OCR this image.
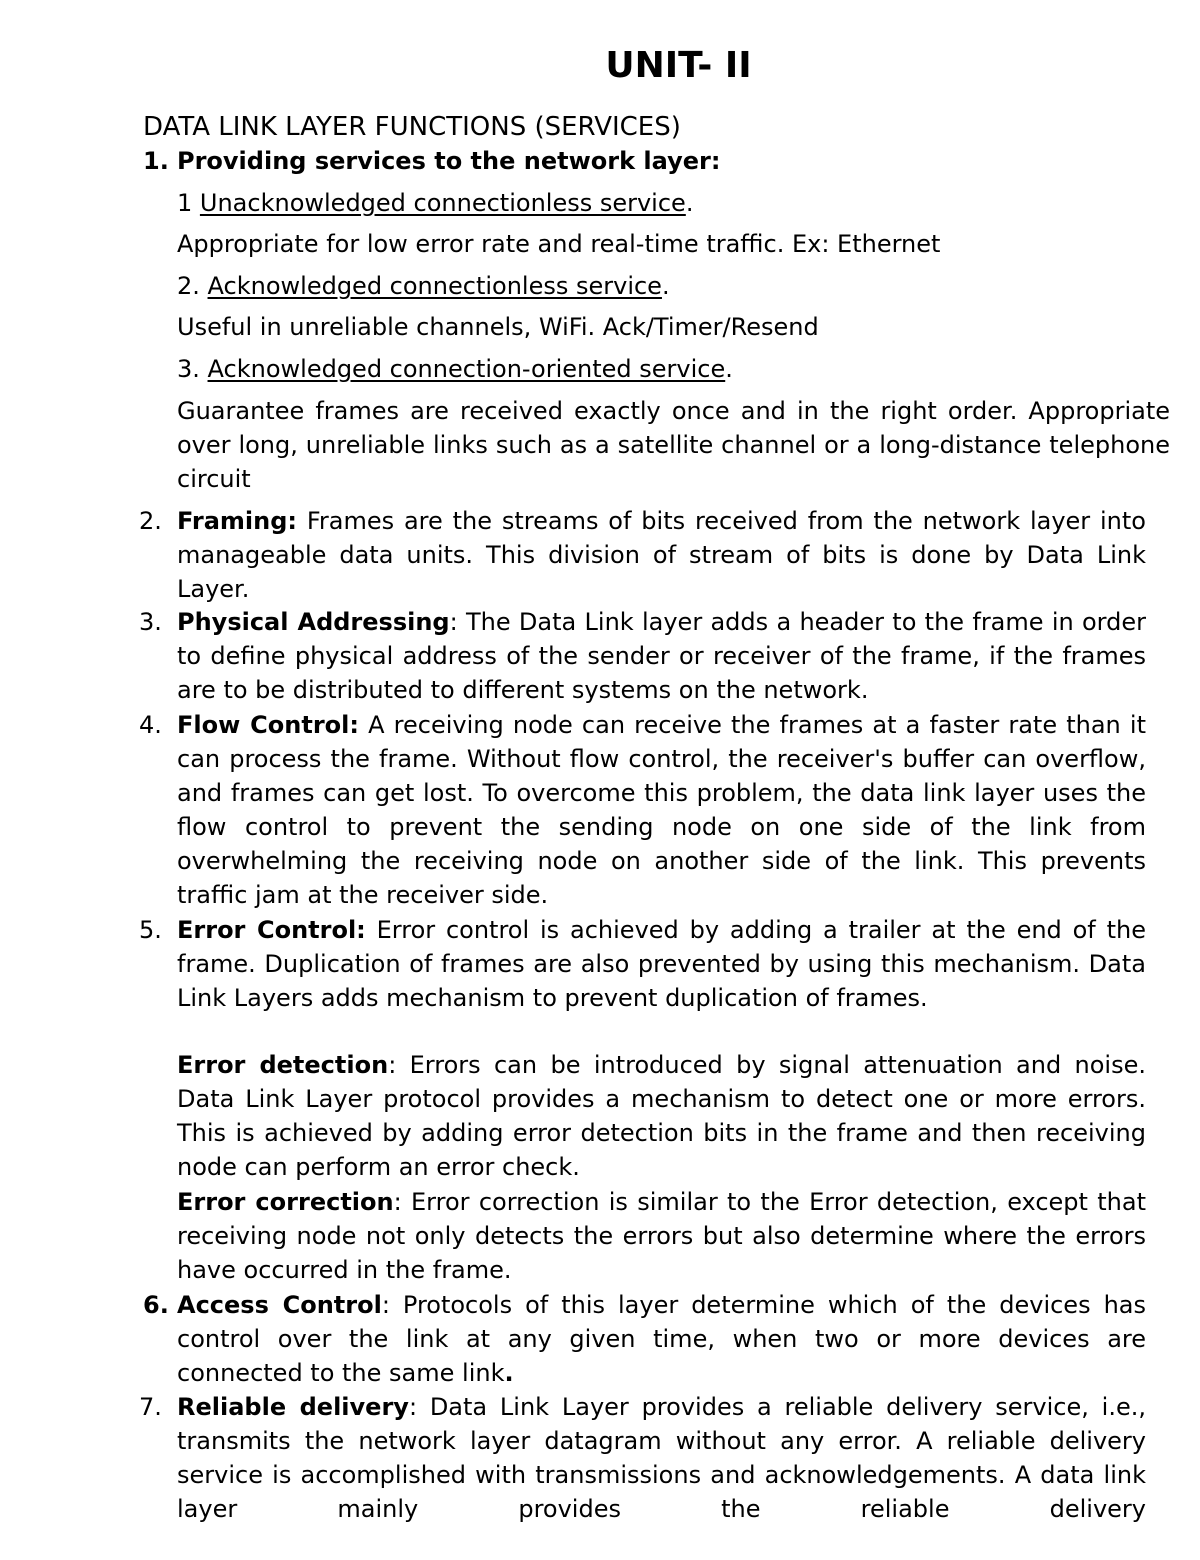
UNIT- II
DATA LINK LAYER FUNCTIONS (SERVICES)
1. Providing services to the network layer:
1 Unacknowledged connectionless service.
Appropriate for low error rate and real-time traffic. Ex: Ethernet
2. Acknowledged connectionless service.
Useful in unreliable channels, WiFi. Ack/Timer/Resend
3. Acknowledged connection-oriented service.
Guarantee frames are received exactly once and in the right order. Appropriate over long, unreliable links such as a satellite channel or a long-distance telephone circuit
2. Framing: Frames are the streams of bits received from the network layer into manageable data units. This division of stream of bits is done by Data Link Layer.
3. Physical Addressing: The Data Link layer adds a header to the frame in order to define physical address of the sender or receiver of the frame, if the frames are to be distributed to different systems on the network.
4. Flow Control: A receiving node can receive the frames at a faster rate than it can process the frame. Without flow control, the receiver's buffer can overflow, and frames can get lost. To overcome this problem, the data link layer uses the flow control to prevent the sending node on one side of the link from overwhelming the receiving node on another side of the link. This prevents traffic jam at the receiver side.
5. Error Control: Error control is achieved by adding a trailer at the end of the frame. Duplication of frames are also prevented by using this mechanism. Data Link Layers adds mechanism to prevent duplication of frames.
Error detection: Errors can be introduced by signal attenuation and noise. Data Link Layer protocol provides a mechanism to detect one or more errors. This is achieved by adding error detection bits in the frame and then receiving node can perform an error check.
Error correction: Error correction is similar to the Error detection, except that receiving node not only detects the errors but also determine where the errors have occurred in the frame.
6. Access Control: Protocols of this layer determine which of the devices has control over the link at any given time, when two or more devices are connected to the same link.
7. Reliable delivery: Data Link Layer provides a reliable delivery service, i.e., transmits the network layer datagram without any error. A reliable delivery service is accomplished with transmissions and acknowledgements. A data link layer mainly provides the reliable delivery
